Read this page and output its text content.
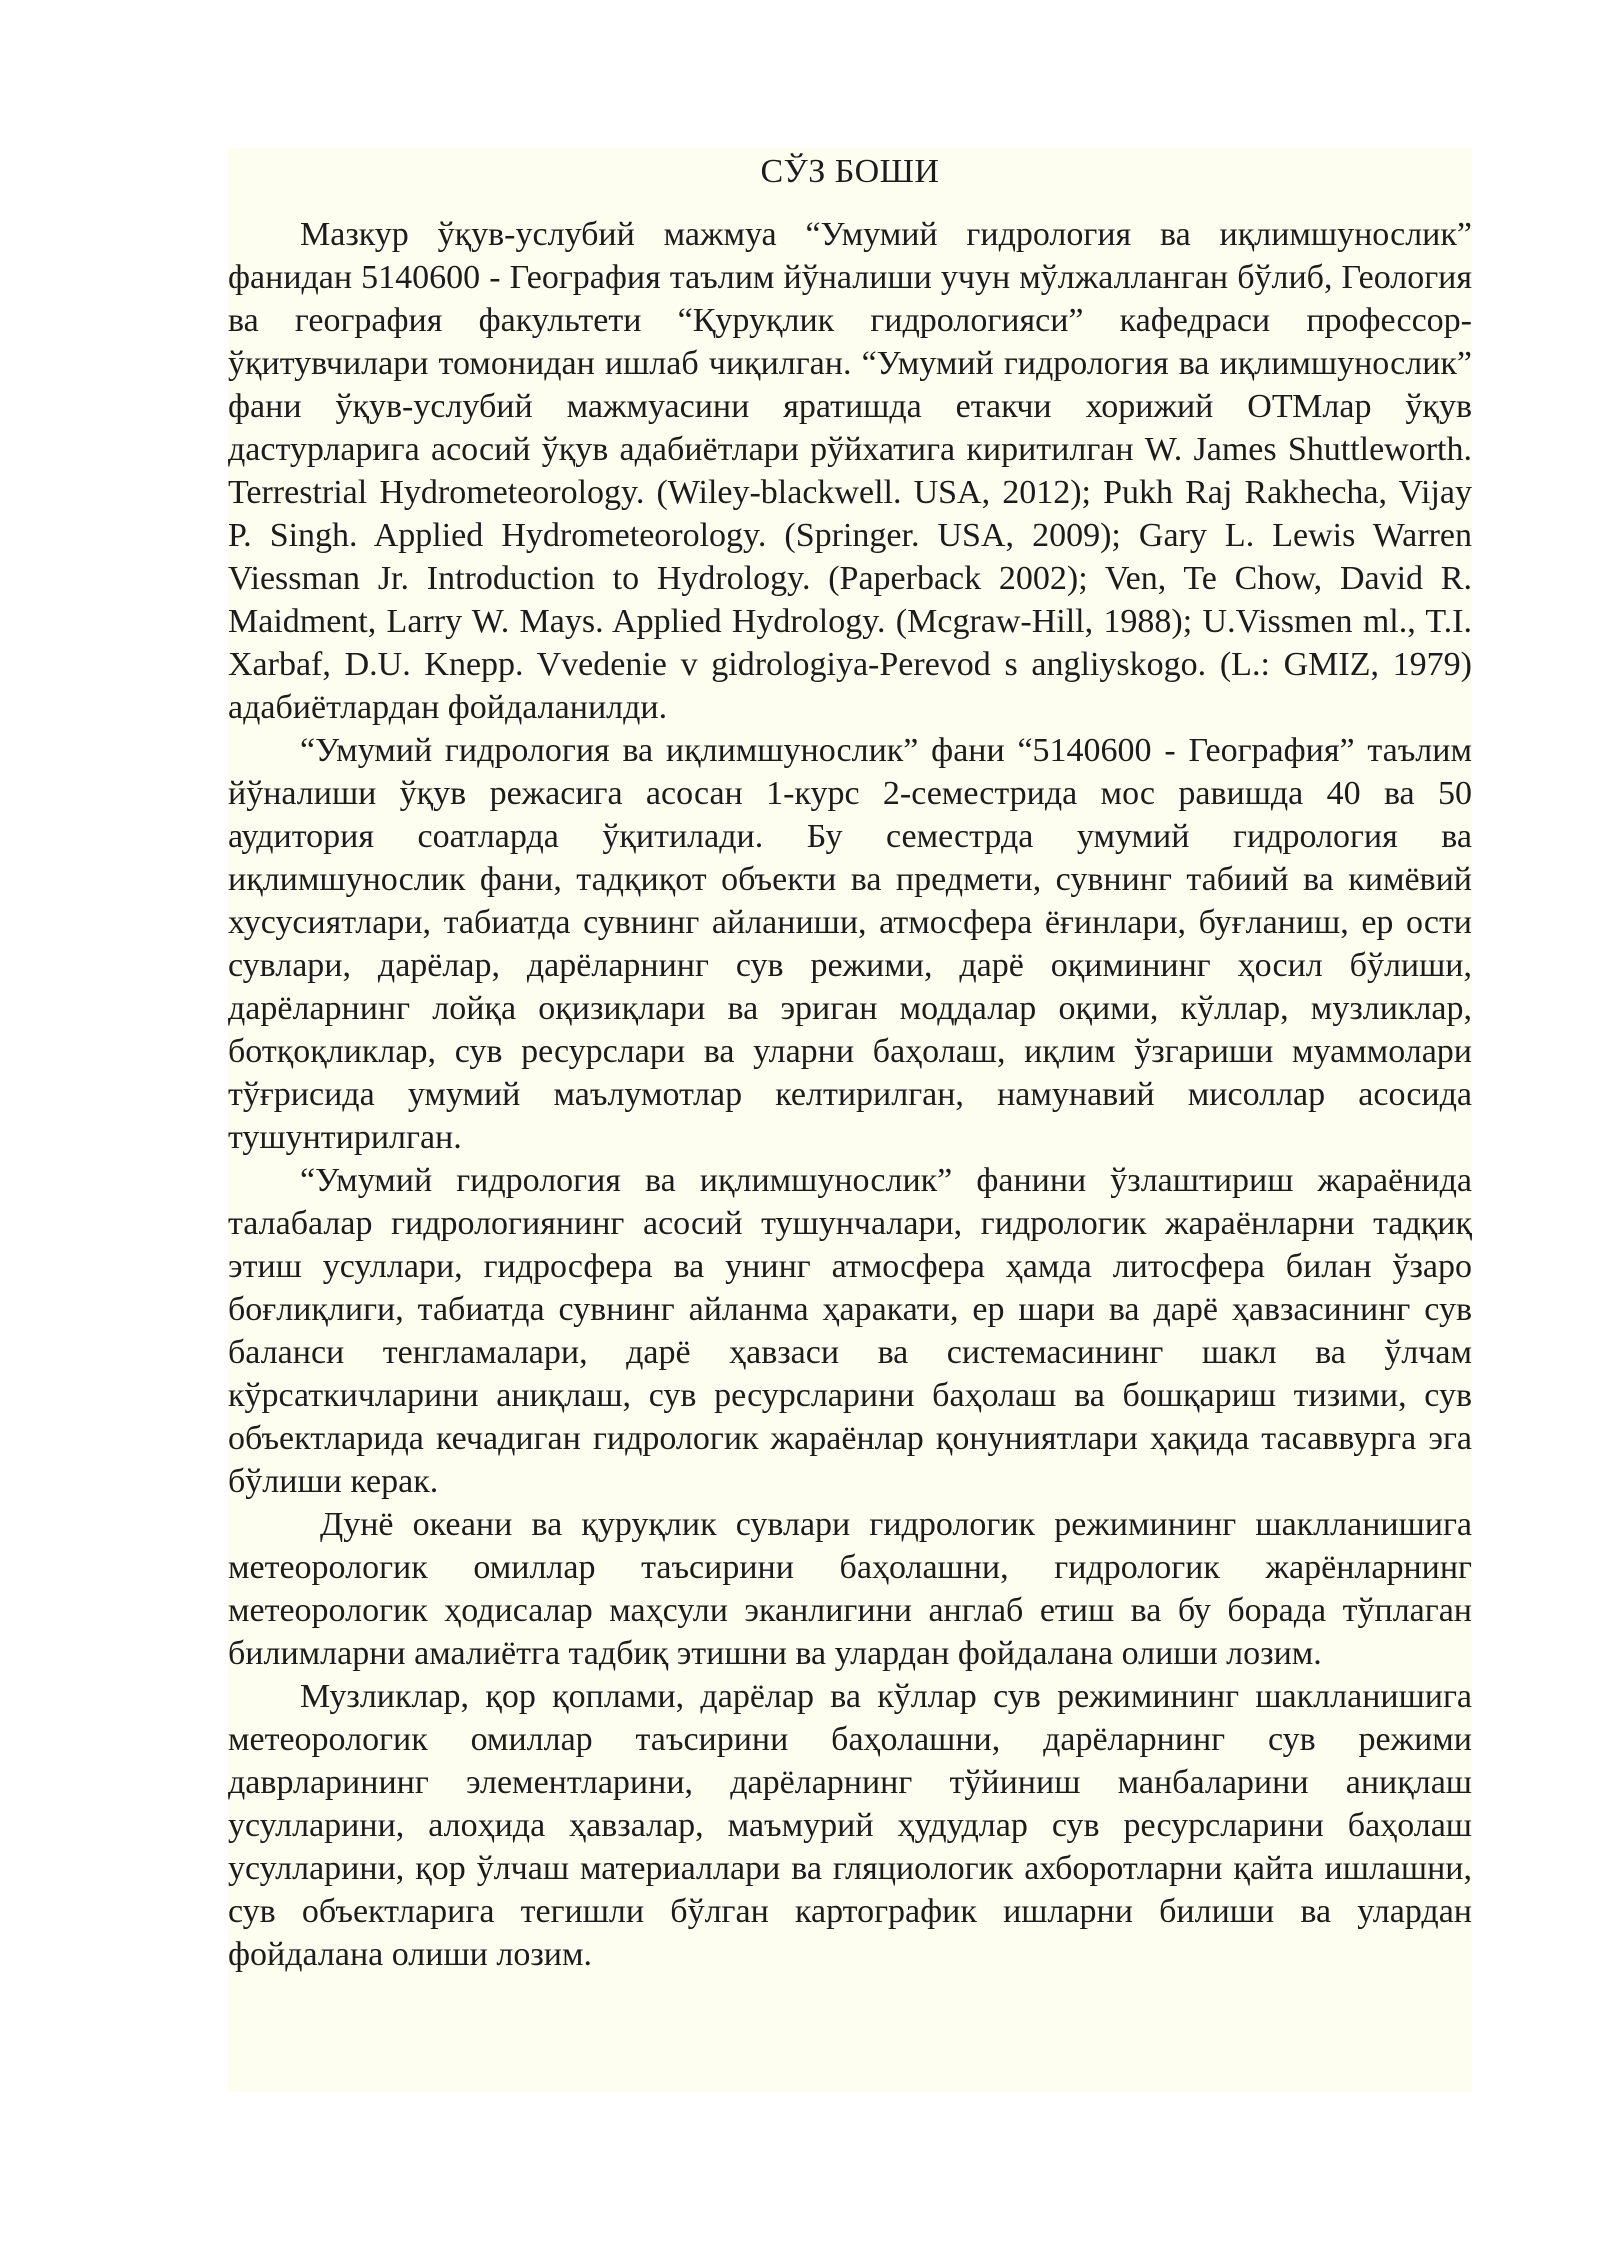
СЎЗ БОШИ

Мазкур ўқув-услубий мажмуа “Умумий гидрология ва иқлимшунослик” фанидан 5140600 - География таълим йўналиши учун мўлжалланган бўлиб, Геология ва география факультети “Қуруқлик гидрологияси” кафедраси профессор-ўқитувчилари томонидан ишлаб чиқилган. “Умумий гидрология ва иқлимшунослик” фани ўқув-услубий мажмуасини яратишда етакчи хорижий ОТМлар ўқув дастурларига асосий ўқув адабиётлари рўйхатига киритилган W. James Shuttleworth. Terrestrial Hydrometeorology. (Wiley-blackwell. USA, 2012); Pukh Raj Rakhecha, Vijay P. Singh. Applied Hydrometeorology. (Springer. USA, 2009); Gary L. Lewis Warren Viessman Jr. Introduction to Hydrology. (Paperback 2002); Ven, Te Chow, David R. Maidment, Larry W. Mays. Applied Hydrology. (Mcgraw-Hill, 1988); U.Vissmen ml., T.I. Xarbaf, D.U. Knepp. Vvedenie v gidrologiya-Perevod s angliyskogo. (L.: GMIZ, 1979) адабиётлардан фойдаланилди.

“Умумий гидрология ва иқлимшунослик” фани “5140600 - География” таълим йўналиши ўқув режасига асосан 1-курс 2-семестрида мос равишда 40 ва 50 аудитория соатларда ўқитилади. Бу семестрда умумий гидрология ва иқлимшунослик фани, тадқиқот объекти ва предмети, сувнинг табиий ва кимёвий хусусиятлари, табиатда сувнинг айланиши, атмосфера ёғинлари, буғланиш, ер ости сувлари, дарёлар, дарёларнинг сув режими, дарё оқимининг ҳосил бўлиши, дарёларнинг лойқа оқизиқлари ва эриган моддалар оқими, кўллар, музликлар, ботқоқликлар, сув ресурслари ва уларни баҳолаш, иқлим ўзгариши муаммолари тўғрисида умумий маълумотлар келтирилган, намунавий мисоллар асосида тушунтирилган.

“Умумий гидрология ва иқлимшунослик” фанини ўзлаштириш жараёнида талабалар гидрологиянинг асосий тушунчалари, гидрологик жараёнларни тадқиқ этиш усуллари, гидросфера ва унинг атмосфера ҳамда литосфера билан ўзаро боғлиқлиги, табиатда сувнинг айланма ҳаракати, ер шари ва дарё ҳавзасининг сув баланси тенгламалари, дарё ҳавзаси ва системасининг шакл ва ўлчам кўрсаткичларини аниқлаш, сув ресурсларини баҳолаш ва бошқариш тизими, сув объектларида кечадиган гидрологик жараёнлар қонуниятлари ҳақида тасаввурга эга бўлиши керак.

Дунё океани ва қуруқлик сувлари гидрологик режимининг шаклланишига метеорологик омиллар таъсирини баҳолашни, гидрологик жарёнларнинг метеорологик ҳодисалар маҳсули эканлигини англаб етиш ва бу борада тўплаган билимларни амалиётга тадбиқ этишни ва улардан фойдалана олиши лозим.

Музликлар, қор қоплами, дарёлар ва кўллар сув режимининг шаклланишига метеорологик омиллар таъсирини баҳолашни, дарёларнинг сув режими даврларининг элементларини, дарёларнинг тўйиниш манбаларини аниқлаш усулларини, алоҳида ҳавзалар, маъмурий ҳудудлар сув ресурсларини баҳолаш усулларини, қор ўлчаш материаллари ва гляциологик ахборотларни қайта ишлашни, сув объектларига тегишли бўлган картографик ишларни билиши ва улардан фойдалана олиши лозим.
